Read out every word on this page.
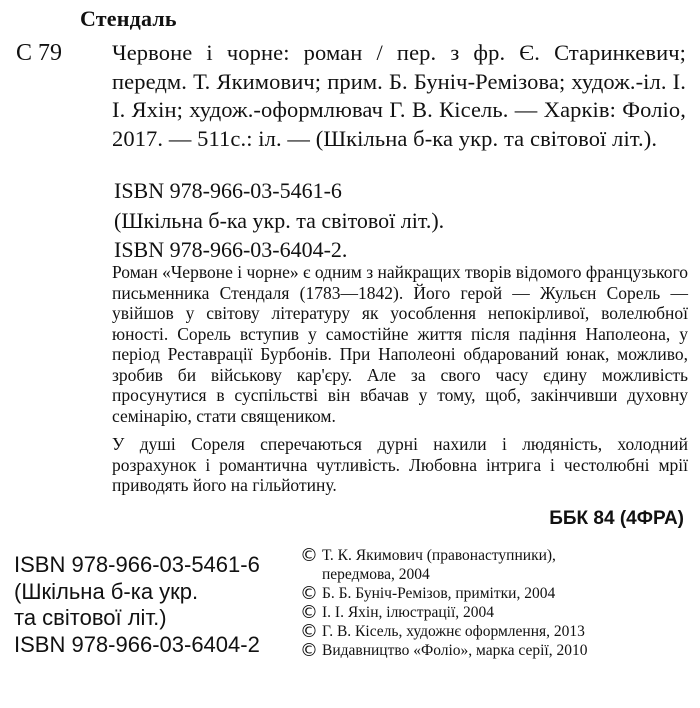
Стендаль
С 79 Червоне і чорне: роман / пер. з фр. Є. Старинкевич; передм. Т. Якимович; прим. Б. Буніч-Ремізова; худож.-іл. І. І. Яхін; худож.-оформлювач Г. В. Кісель. — Харків: Фоліо, 2017. — 511с.: іл. — (Шкільна б-ка укр. та світової літ.).
ISBN 978-966-03-5461-6
(Шкільна б-ка укр. та світової літ.).
ISBN 978-966-03-6404-2.

Роман «Червоне і чорне» є одним з найкращих творів відомого французького письменника Стендаля (1783—1842). Його герой — Жульєн Сорель — увійшов у світову літературу як уособлення непокірливої, волелюбної юності. Сорель вступив у самостійне життя після падіння Наполеона, у період Реставрації Бурбонів. При Наполеоні обдарований юнак, можливо, зробив би військову кар'єру. Але за свого часу єдину можливість просунутися в суспільстві він вбачав у тому, щоб, закінчивши духовну семінарію, стати священиком.

У душі Сореля сперечаються дурні нахили і людяність, холодний розрахунок і романтична чутливість. Любовна інтрига і честолюбні мрії приводять його на гільйотину.

ББК 84 (4ФРА)
ISBN 978-966-03-5461-6
(Шкільна б-ка укр.
та світової літ.)
ISBN 978-966-03-6404-2
© Т. К. Якимович (правонаступники),
передмова, 2004
© Б. Б. Буніч-Ремізов, примітки, 2004
© І. І. Яхін, ілюстрації, 2004
© Г. В. Кісель, художнє оформлення, 2013
© Видавництво «Фоліо», марка серії, 2010
